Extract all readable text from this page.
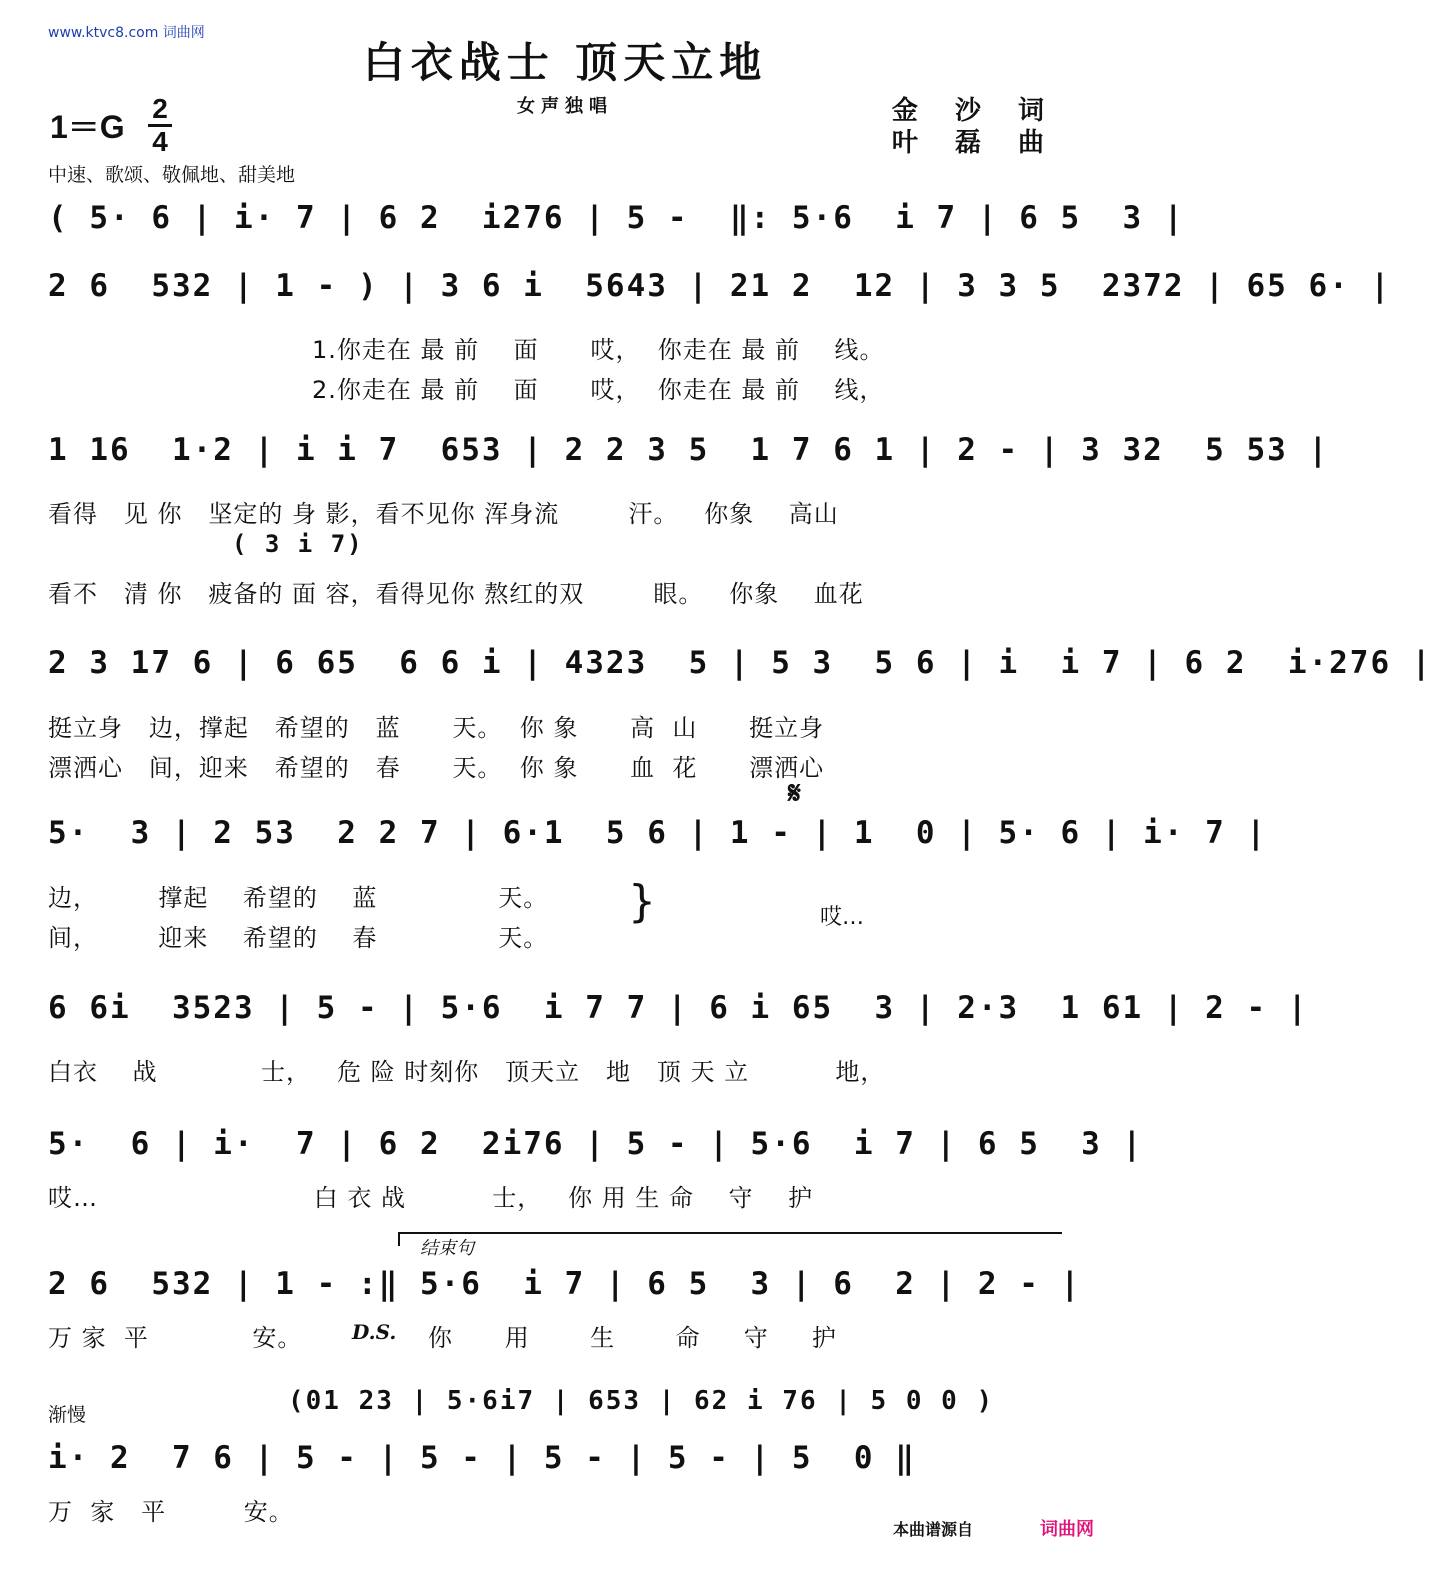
www.ktvc8.com 词曲网
白衣战士 顶天立地
女声独唱	金 沙 词
叶 磊 曲
1＝G
2
4
中速、歌颂、敬佩地、甜美地
( 5· 6 | i· 7 | 6 2  i276 | 5 -  ‖: 5·6  i 7 | 6 5  3 |
2 6  532 | 1 - ) | 3 6 i  5643 | 21 2  12 | 3 3 5  2372 | 65 6· |
1.你走在 最 前    面      哎，  你走在 最 前    线。
2.你走在 最 前    面      哎，  你走在 最 前    线，
1 16  1·2 | i i 7  653 | 2 2 3 5  1 7 6 1 | 2 - | 3 32  5 53 |
看得   见 你   坚定的 身 影，看不见你 浑身流        汗。   你象    高山
( 3 i 7)
看不   清 你   疲备的 面 容，看得见你 熬红的双        眼。   你象    血花
2 3 17 6 | 6 65  6 6 i | 4323  5 | 5 3  5 6 | i  i 7 | 6 2  i·276 |
挺立身   边，撑起   希望的   蓝      天。  你 象      高  山      挺立身
漂洒心   间，迎来   希望的   春      天。  你 象      血  花      漂洒心
𝄋
5·  3 | 2 53  2 2 7 | 6·1  5 6 | 1 - | 1  0 | 5· 6 | i· 7 |
边，       撑起    希望的    蓝              天。
间，       迎来    希望的    春              天。
}	哎…
6 6i  3523 | 5 - | 5·6  i 7 7 | 6 i 65  3 | 2·3  1 61 | 2 - |
白衣    战            士，   危 险 时刻你   顶天立   地   顶 天 立          地，
5·  6 | i·  7 | 6 2  2i76 | 5 - | 5·6  i 7 | 6 5  3 |
哎…                         白 衣 战          士，   你 用 生 命    守    护
结束句
2 6  532 | 1 - :‖ 5·6  i 7 | 6 5  3 | 6  2 | 2 - |
万 家  平            安。	D.S. 你      用       生       命     守     护
渐慢	(01 23 | 5·6i7 | 653 | 62 i 76 | 5 0 0 )
i· 2  7 6 | 5 - | 5 - | 5 - | 5 - | 5  0 ‖
万  家   平         安。
本曲谱源自	词曲网
